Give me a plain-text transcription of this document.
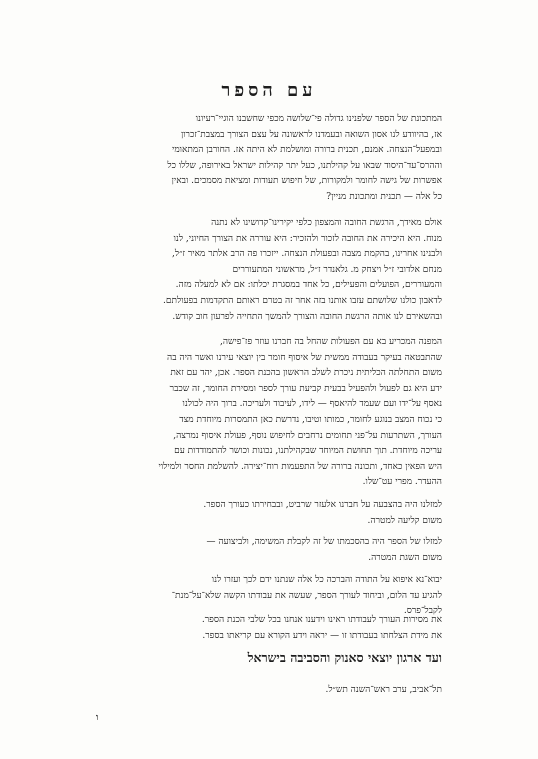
עם הספר
המתכונת של הספר שלפנינו גדולה פי־שלושה מכפי שחשבנו הוגיי־רעיונו
אז, בהיוודע לנו אסון השואה ובעמדנו לראשונה על עצם הצורך במצבת־זכרון
ובמפעל־הנצחה. אמנם, תכנית ברורה ומושלמת לא היתה אז. החורבן המתאומי
וההרס־עד־היסוד שבאו על קהילתנו, כעל יתר קהילות ישראל באירופה, שללו כל
אפשרות של גישה לחומר ולמקורות, של חיפוש תעודות ומציאת מסמכים. ובאין
כל אלה — תכנית ומתכונת מניין?
אולם מאידך, הרגשת החובה והמצפון כלפי יקירינו־קדושינו לא נתנה
מנוח. היא היכירה את החובה לזכור ולהזכיר: היא עוררה את הצורך החיוני, לנו
ולבנינו אחרינו, בהקמת מצבה ובפעולת הנצחה. ייזכרו פה הרב אלתר מאיר ז״ל,
מנחם אלדובי ז״ל ויצחק מ. גלאנדר ז״ל, מראשוני המתעוררים
והמעוררים, הפועלים והפעילים, כל אחד במסגרת יכלתו: אם לא למעלה מזה.
לדאבון כולנו שלושתם עזבו אותנו בזה אחר זה בטרם ראותם התקדמות בפעולתם.
ובהשאירם לנו אותה הרגשת החובה והצורך להמשך התחייה לפרעון חוב קודש.
המפנה המכריע בא עם הפעולות שהחל בה חברנו עוזר פז־פישה,
שהתבטאה בעיקר בעבודה ממשית של איסוף חומר בין יוצאי עירנו ואשר היה בה
משום התחלתה הכליתית ניכרת לשלב הראשון בהכנת הספר. אכן, יהד עם זאת
ידע היא גם לפעול ולהפעיל בבעית קביעת עורך לספר ומסירת החומר, זה שכבר
נאסף על־ידו ועם שעמד להיאסף — לידו, לעיבוד ולעריכה. ברוך היה לכולנו
כי נכוח המצב בנוגע לחומר, כמותו וטיבו, נדרשת כאן התמסרות מיוחדת מצד
העורך, השתרעות על־פני תחומים נרחבים לחיפוש נוסף, פעולת איסוף נמרצה,
עריכה מיוחדת. תוך תחושת המיוחד שבקהילתנו, נכונות וכושר להתמודדות עם
היש הפאין כאחד, ותכונה ברורה של התפעמות רוח־יצירה. להשלמת החסר ולמילוי
ההעדר. מפרי עט־שלו.
למזלנו היה בהצבעה על חברנו אלעזר שרביט, ובבחירתו כעורך הספר.
משום קליעה למטרה.
למזלו של הספר היה בהסכמתו של זה לקבלת המשימה, ולביצועה —
משום השגת המטרה.
יבוא־נא איפוא על התודה והברכה כל אלה שנתנו ידם לכך ועזרו לנו
להגיע עד הלום, וביחוד לעורך הספר, שעשה את עבודתו הקשה שלא־על־מנת־
לקבל־פרס.
את מסירות העורך לעבודתו ראינו וידענו אנחנו בכל שלבי הכנת הספר.
את מידת הצלחתו בעבודתו זו — יראה וידע הקורא עם קריאתו בספר.
ועד ארגון יוצאי סאנוק והסביבה בישראל
תל־אביב, ערב ראש־השנה תש״ל.
ו
